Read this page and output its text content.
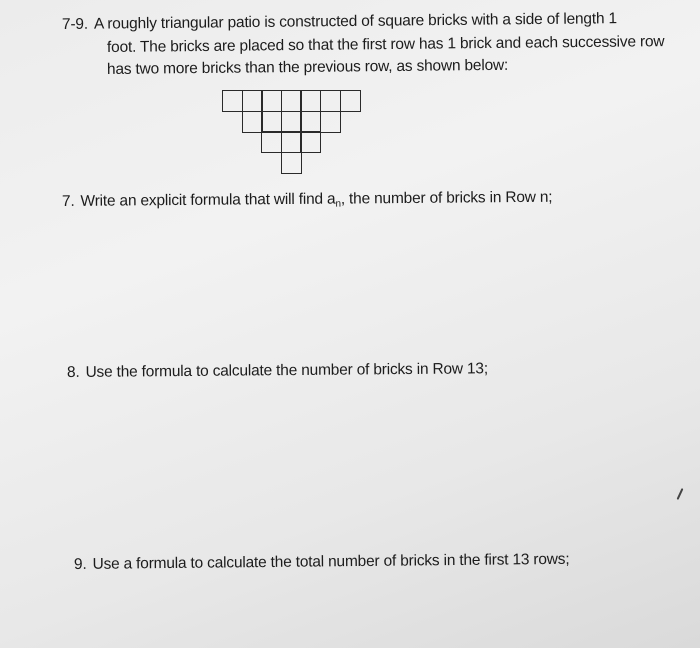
7-9. A roughly triangular patio is constructed of square bricks with a side of length 1
foot. The bricks are placed so that the first row has 1 brick and each successive row
has two more bricks than the previous row, as shown below:
7. Write an explicit formula that will find $a_n$, the number of bricks in Row n;
8. Use the formula to calculate the number of bricks in Row 13;
9. Use a formula to calculate the total number of bricks in the first 13 rows;
